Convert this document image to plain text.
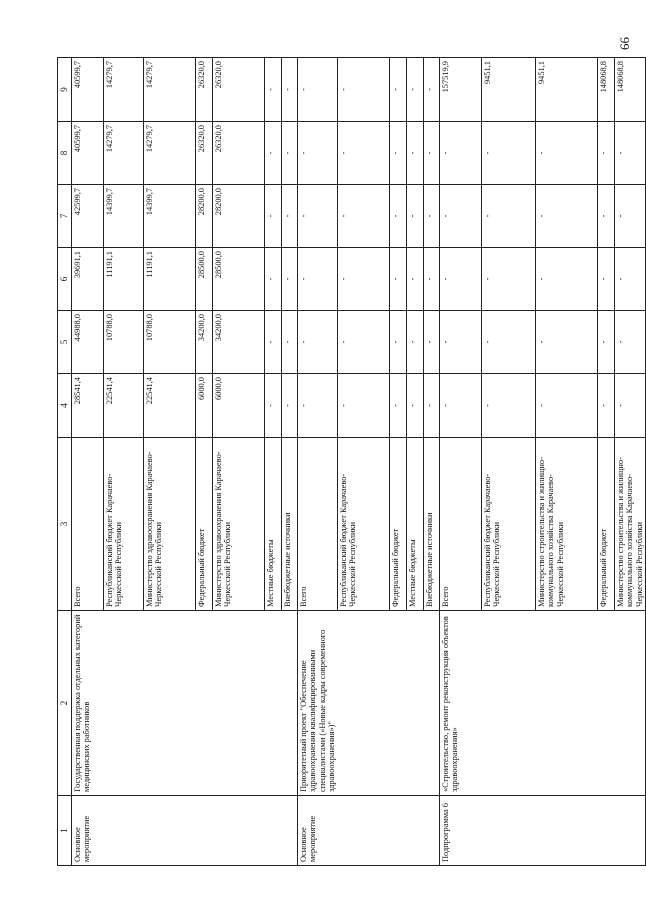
66
1	2	3	4	5	6	7	8	9
Основное мероприятие	Государственная поддержка отдельных категорий медицинских работников	Всего	28541,4	44988,0	39691,1	42599,7	40599,7	40599,7
		Республиканский бюджет Карачаево-Черкесской Республики	22541,4	10788,0	11191,1	14399,7	14279,7	14279,7
		Министерство здравоохранения Карачаево-Черкесской Республики	22541,4	10788,0	11191,1	14399,7	14279,7	14279,7
		Федеральный бюджет	6000,0	34200,0	28500,0	28200,0	26320,0	26320,0
		Министерство здравоохранения Карачаево-Черкесской Республики	6000,0	34200,0	28500,0	28200,0	26320,0	26320,0
		Местные бюджеты	-	-	-	-	-	-
		Внебюджетные источники	-	-	-	-	-	-
Основное мероприятие	Приоритетный проект "Обеспечение здравоохранения квалифицированными специалистами («Новые кадры современного здравоохранения»)"	Всего	-	-	-	-	-	-
		Республиканский бюджет Карачаево-Черкесской Республики	-	-	-	-	-	-
		Федеральный бюджет	-	-	-	-	-	-
		Местные бюджеты	-	-	-	-	-	-
		Внебюджетные источники	-	-	-	-	-	-
Подпрограмма 6	«Строительство, ремонт реконструкция объектов здравоохранения»	Всего	-	-	-	-	-	157519,9
		Республиканский бюджет Карачаево-Черкесской Республики	-	-	-	-	-	9451,1
		Министерство строительства и жилищно-коммунального хозяйства Карачаево-Черкесской Республики	-	-	-	-	-	9451,1
		Федеральный бюджет	-	-	-	-	-	148068,8
		Министерство строительства и жилищно-коммунального хозяйства Карачаево-Черкесской Республики	-	-	-	-	-	148068,8
